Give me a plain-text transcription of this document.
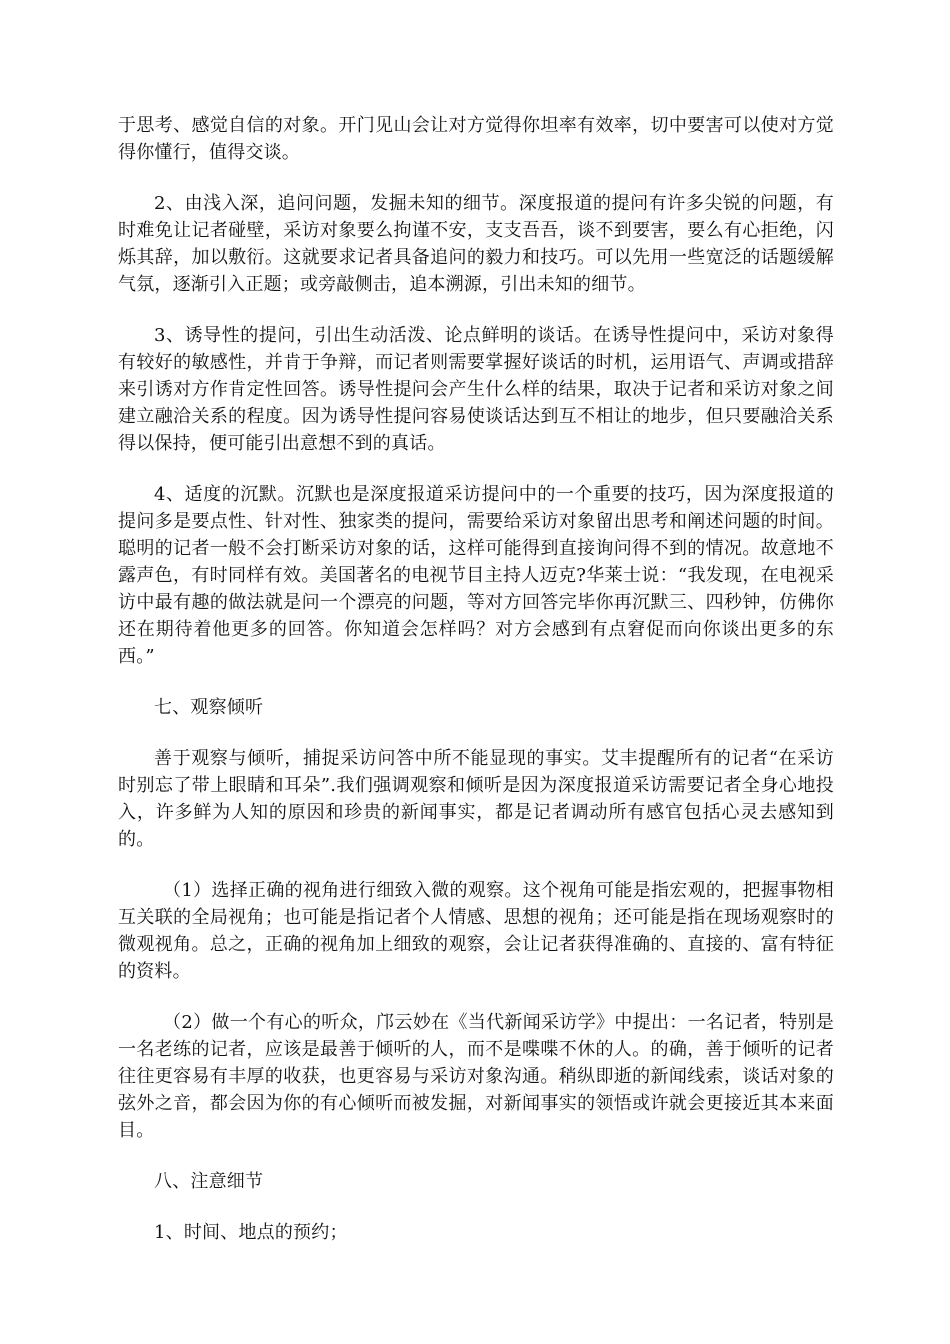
于思考、感觉自信的对象。开门见山会让对方觉得你坦率有效率，切中要害可以使对方觉得你懂行，值得交谈。

2、由浅入深，追问问题，发掘未知的细节。深度报道的提问有许多尖锐的问题，有时难免让记者碰壁，采访对象要么拘谨不安，支支吾吾，谈不到要害，要么有心拒绝，闪烁其辞，加以敷衍。这就要求记者具备追问的毅力和技巧。可以先用一些宽泛的话题缓解气氛，逐渐引入正题；或旁敲侧击，追本溯源，引出未知的细节。

3、诱导性的提问，引出生动活泼、论点鲜明的谈话。在诱导性提问中，采访对象得有较好的敏感性，并肯于争辩，而记者则需要掌握好谈话的时机，运用语气、声调或措辞来引诱对方作肯定性回答。诱导性提问会产生什么样的结果，取决于记者和采访对象之间建立融洽关系的程度。因为诱导性提问容易使谈话达到互不相让的地步，但只要融洽关系得以保持，便可能引出意想不到的真话。

4、适度的沉默。沉默也是深度报道采访提问中的一个重要的技巧，因为深度报道的提问多是要点性、针对性、独家类的提问，需要给采访对象留出思考和阐述问题的时间。聪明的记者一般不会打断采访对象的话，这样可能得到直接询问得不到的情况。故意地不露声色，有时同样有效。美国著名的电视节目主持人迈克?华莱士说：“我发现，在电视采访中最有趣的做法就是问一个漂亮的问题，等对方回答完毕你再沉默三、四秒钟，仿佛你还在期待着他更多的回答。你知道会怎样吗？对方会感到有点窘促而向你谈出更多的东西。”

七、观察倾听

善于观察与倾听，捕捉采访问答中所不能显现的事实。艾丰提醒所有的记者“在采访时别忘了带上眼睛和耳朵”.我们强调观察和倾听是因为深度报道采访需要记者全身心地投入，许多鲜为人知的原因和珍贵的新闻事实，都是记者调动所有感官包括心灵去感知到的。

（1）选择正确的视角进行细致入微的观察。这个视角可能是指宏观的，把握事物相互关联的全局视角；也可能是指记者个人情感、思想的视角；还可能是指在现场观察时的微观视角。总之，正确的视角加上细致的观察，会让记者获得准确的、直接的、富有特征的资料。

（2）做一个有心的听众，邝云妙在《当代新闻采访学》中提出：一名记者，特别是一名老练的记者，应该是最善于倾听的人，而不是喋喋不休的人。的确，善于倾听的记者往往更容易有丰厚的收获，也更容易与采访对象沟通。稍纵即逝的新闻线索，谈话对象的弦外之音，都会因为你的有心倾听而被发掘，对新闻事实的领悟或许就会更接近其本来面目。

八、注意细节

1、时间、地点的预约；
